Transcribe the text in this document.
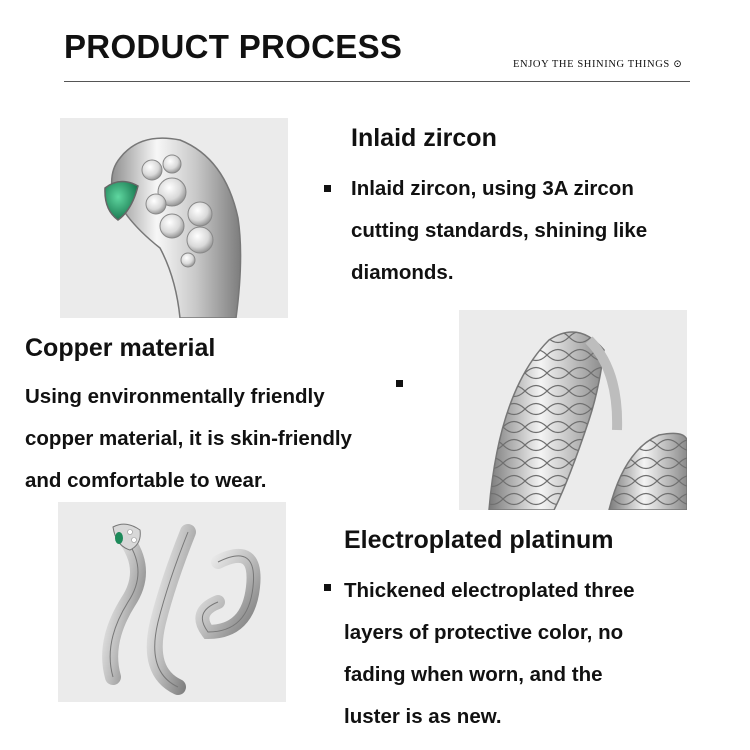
PRODUCT PROCESS	ENJOY THE SHINING THINGS ⊙
Inlaid zircon
Inlaid zircon, using 3A zircon
cutting standards, shining like
diamonds.
Copper material
Using environmentally friendly
copper material, it is skin-friendly
and comfortable to wear.
Electroplated platinum
Thickened electroplated three
layers of protective color, no
fading when worn, and the
luster is as new.
